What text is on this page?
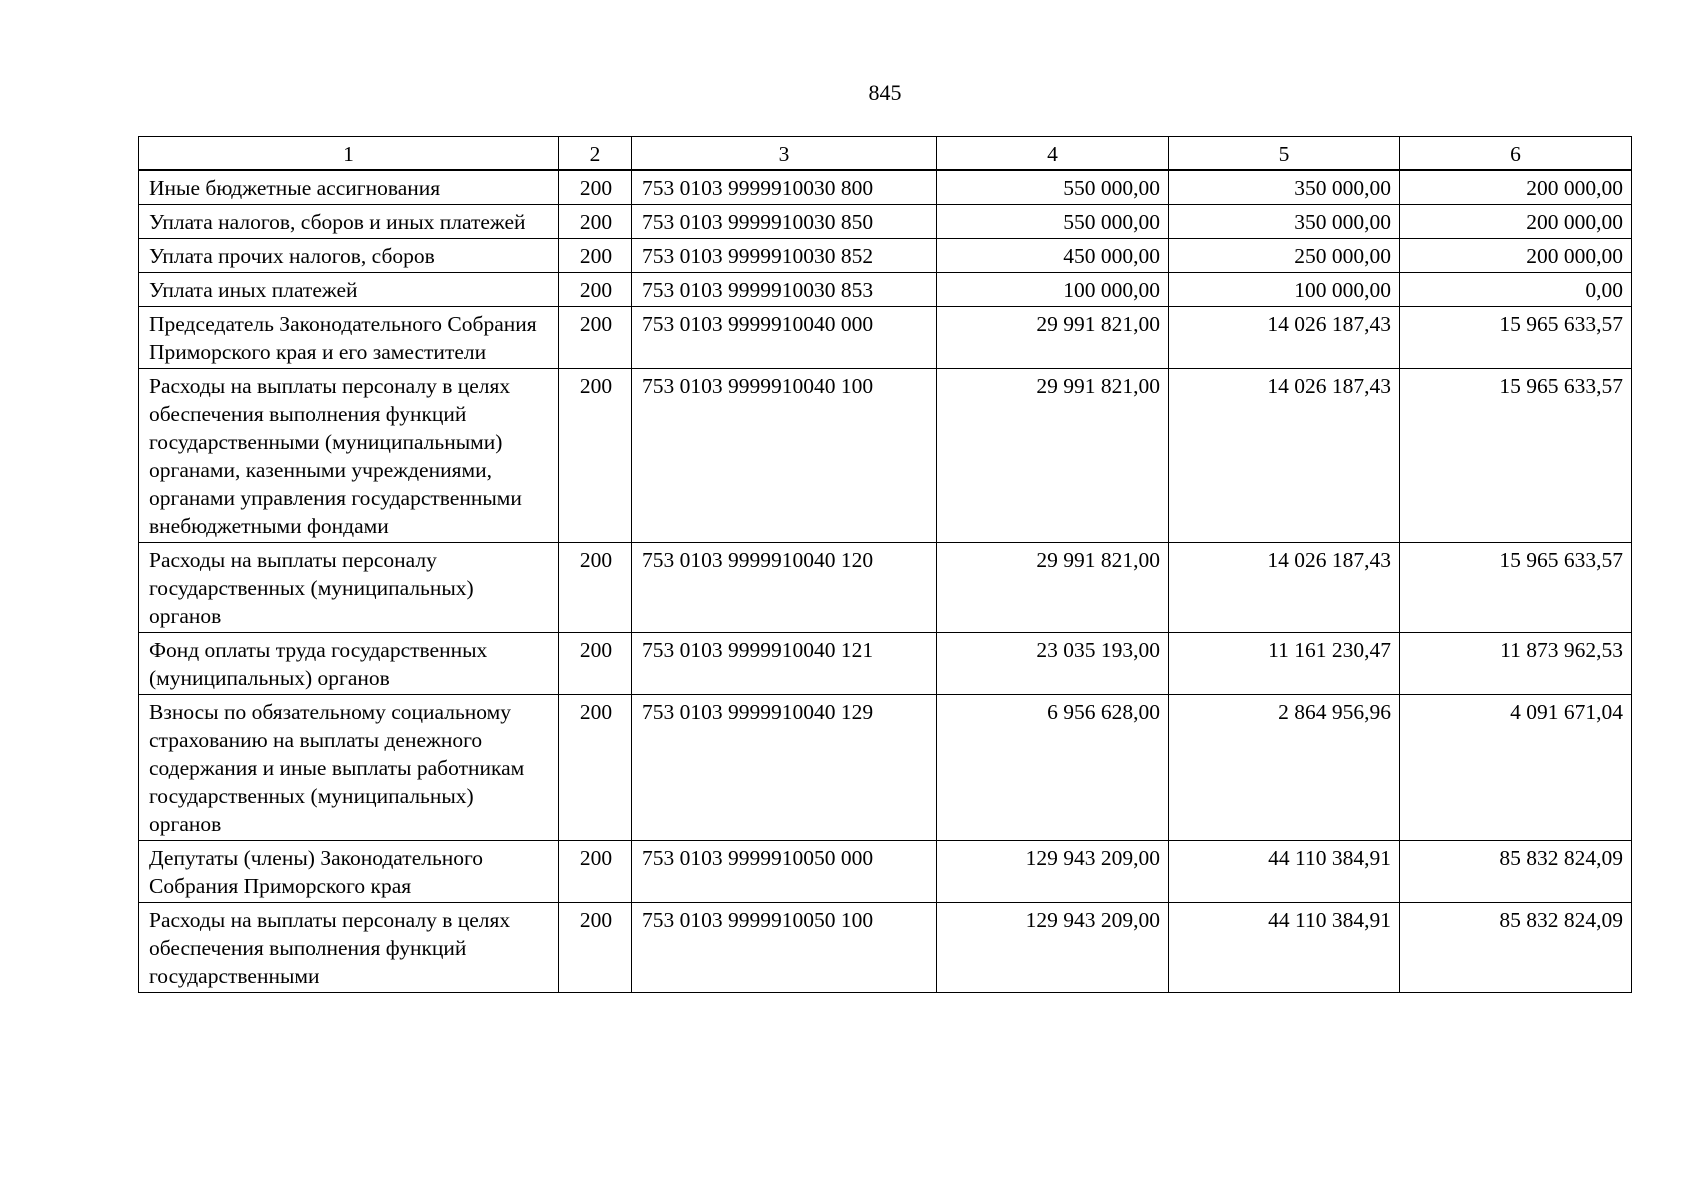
845
1	2	3	4	5	6
Иные бюджетные ассигнования	200	753 0103 9999910030 800	550 000,00	350 000,00	200 000,00
Уплата налогов, сборов и иных платежей	200	753 0103 9999910030 850	550 000,00	350 000,00	200 000,00
Уплата прочих налогов, сборов	200	753 0103 9999910030 852	450 000,00	250 000,00	200 000,00
Уплата иных платежей	200	753 0103 9999910030 853	100 000,00	100 000,00	0,00
Председатель Законодательного Собрания Приморского края и его заместители	200	753 0103 9999910040 000	29 991 821,00	14 026 187,43	15 965 633,57
Расходы на выплаты персоналу в целях обеспечения выполнения функций государственными (муниципальными) органами, казенными учреждениями, органами управления государственными внебюджетными фондами	200	753 0103 9999910040 100	29 991 821,00	14 026 187,43	15 965 633,57
Расходы на выплаты персоналу государственных (муниципальных) органов	200	753 0103 9999910040 120	29 991 821,00	14 026 187,43	15 965 633,57
Фонд оплаты труда государственных (муниципальных) органов	200	753 0103 9999910040 121	23 035 193,00	11 161 230,47	11 873 962,53
Взносы по обязательному социальному страхованию на выплаты денежного содержания и иные выплаты работникам государственных (муниципальных) органов	200	753 0103 9999910040 129	6 956 628,00	2 864 956,96	4 091 671,04
Депутаты (члены) Законодательного Собрания Приморского края	200	753 0103 9999910050 000	129 943 209,00	44 110 384,91	85 832 824,09
Расходы на выплаты персоналу в целях обеспечения выполнения функций государственными	200	753 0103 9999910050 100	129 943 209,00	44 110 384,91	85 832 824,09
